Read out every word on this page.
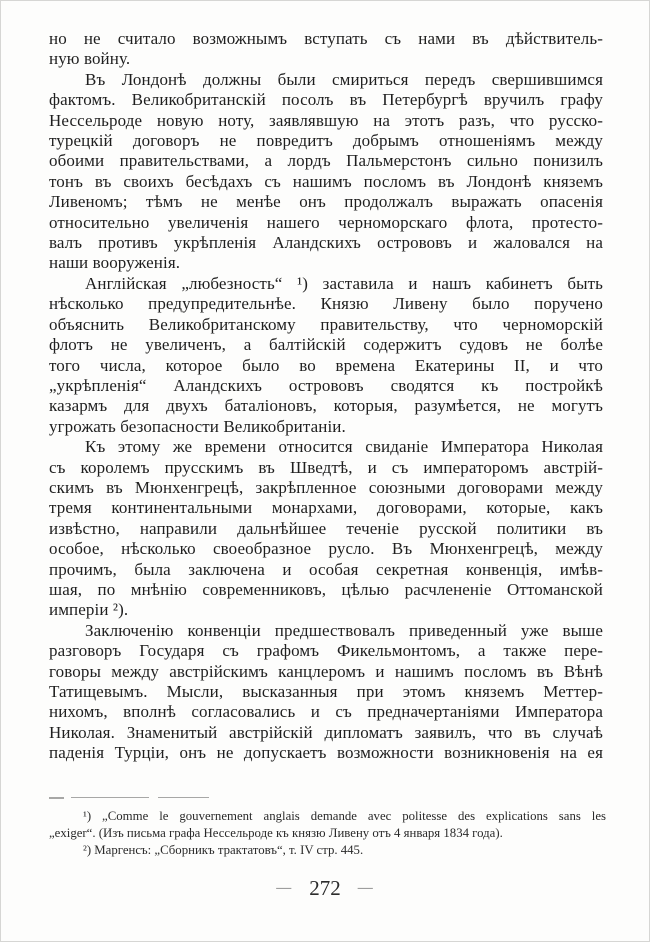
но не считало возможнымъ вступать съ нами въ дѣйствитель-
ную войну.
Въ Лондонѣ должны были смириться передъ свершившимся
фактомъ. Великобританскій посолъ въ Петербургѣ вручилъ графу
Нессельроде новую ноту, заявлявшую на этотъ разъ, что русско-
турецкій договоръ не повредитъ добрымъ отношеніямъ между
обоими правительствами, а лордъ Пальмерстонъ сильно понизилъ
тонъ въ своихъ бесѣдахъ съ нашимъ посломъ въ Лондонѣ княземъ
Ливеномъ; тѣмъ не менѣе онъ продолжалъ выражать опасенія
относительно увеличенія нашего черноморскаго флота, протесто-
валъ противъ укрѣпленія Аландскихъ острововъ и жаловался на
наши вооруженія.
Англійская „любезность“ ¹) заставила и нашъ кабинетъ быть
нѣсколько предупредительнѣе. Князю Ливену было поручено
объяснить Великобританскому правительству, что черноморскій
флотъ не увеличенъ, а балтійскій содержитъ судовъ не болѣе
того числа, которое было во времена Екатерины II, и что
„укрѣпленія“ Аландскихъ острововъ сводятся къ постройкѣ
казармъ для двухъ баталіоновъ, которыя, разумѣется, не могутъ
угрожать безопасности Великобританіи.
Къ этому же времени относится свиданіе Императора Николая
съ королемъ прусскимъ въ Шведтѣ, и съ императоромъ австрій-
скимъ въ Мюнхенгрецѣ, закрѣпленное союзными договорами между
тремя континентальными монархами, договорами, которые, какъ
извѣстно, направили дальнѣйшее теченіе русской политики въ
особое, нѣсколько своеобразное русло. Въ Мюнхенгрецѣ, между
прочимъ, была заключена и особая секретная конвенція, имѣв-
шая, по мнѣнію современниковъ, цѣлью расчлененіе Оттоманской
имперіи ²).
Заключенію конвенціи предшествовалъ приведенный уже выше
разговоръ Государя съ графомъ Фикельмонтомъ, а также пере-
говоры между австрійскимъ канцлеромъ и нашимъ посломъ въ Вѣнѣ
Татищевымъ. Мысли, высказанныя при этомъ княземъ Меттер-
нихомъ, вполнѣ согласовались и съ предначертаніями Императора
Николая. Знаменитый австрійскій дипломатъ заявилъ, что въ случаѣ
паденія Турціи, онъ не допускаетъ возможности возникновенія на ея
¹) „Comme le gouvernement anglais demande avec politesse des explications sans les
„exiger“. (Изъ письма графа Нессельроде къ князю Ливену отъ 4 января 1834 года).
²) Маргенсъ: „Сборникъ трактатовъ“, т. IV стр. 445.
— 272 —
